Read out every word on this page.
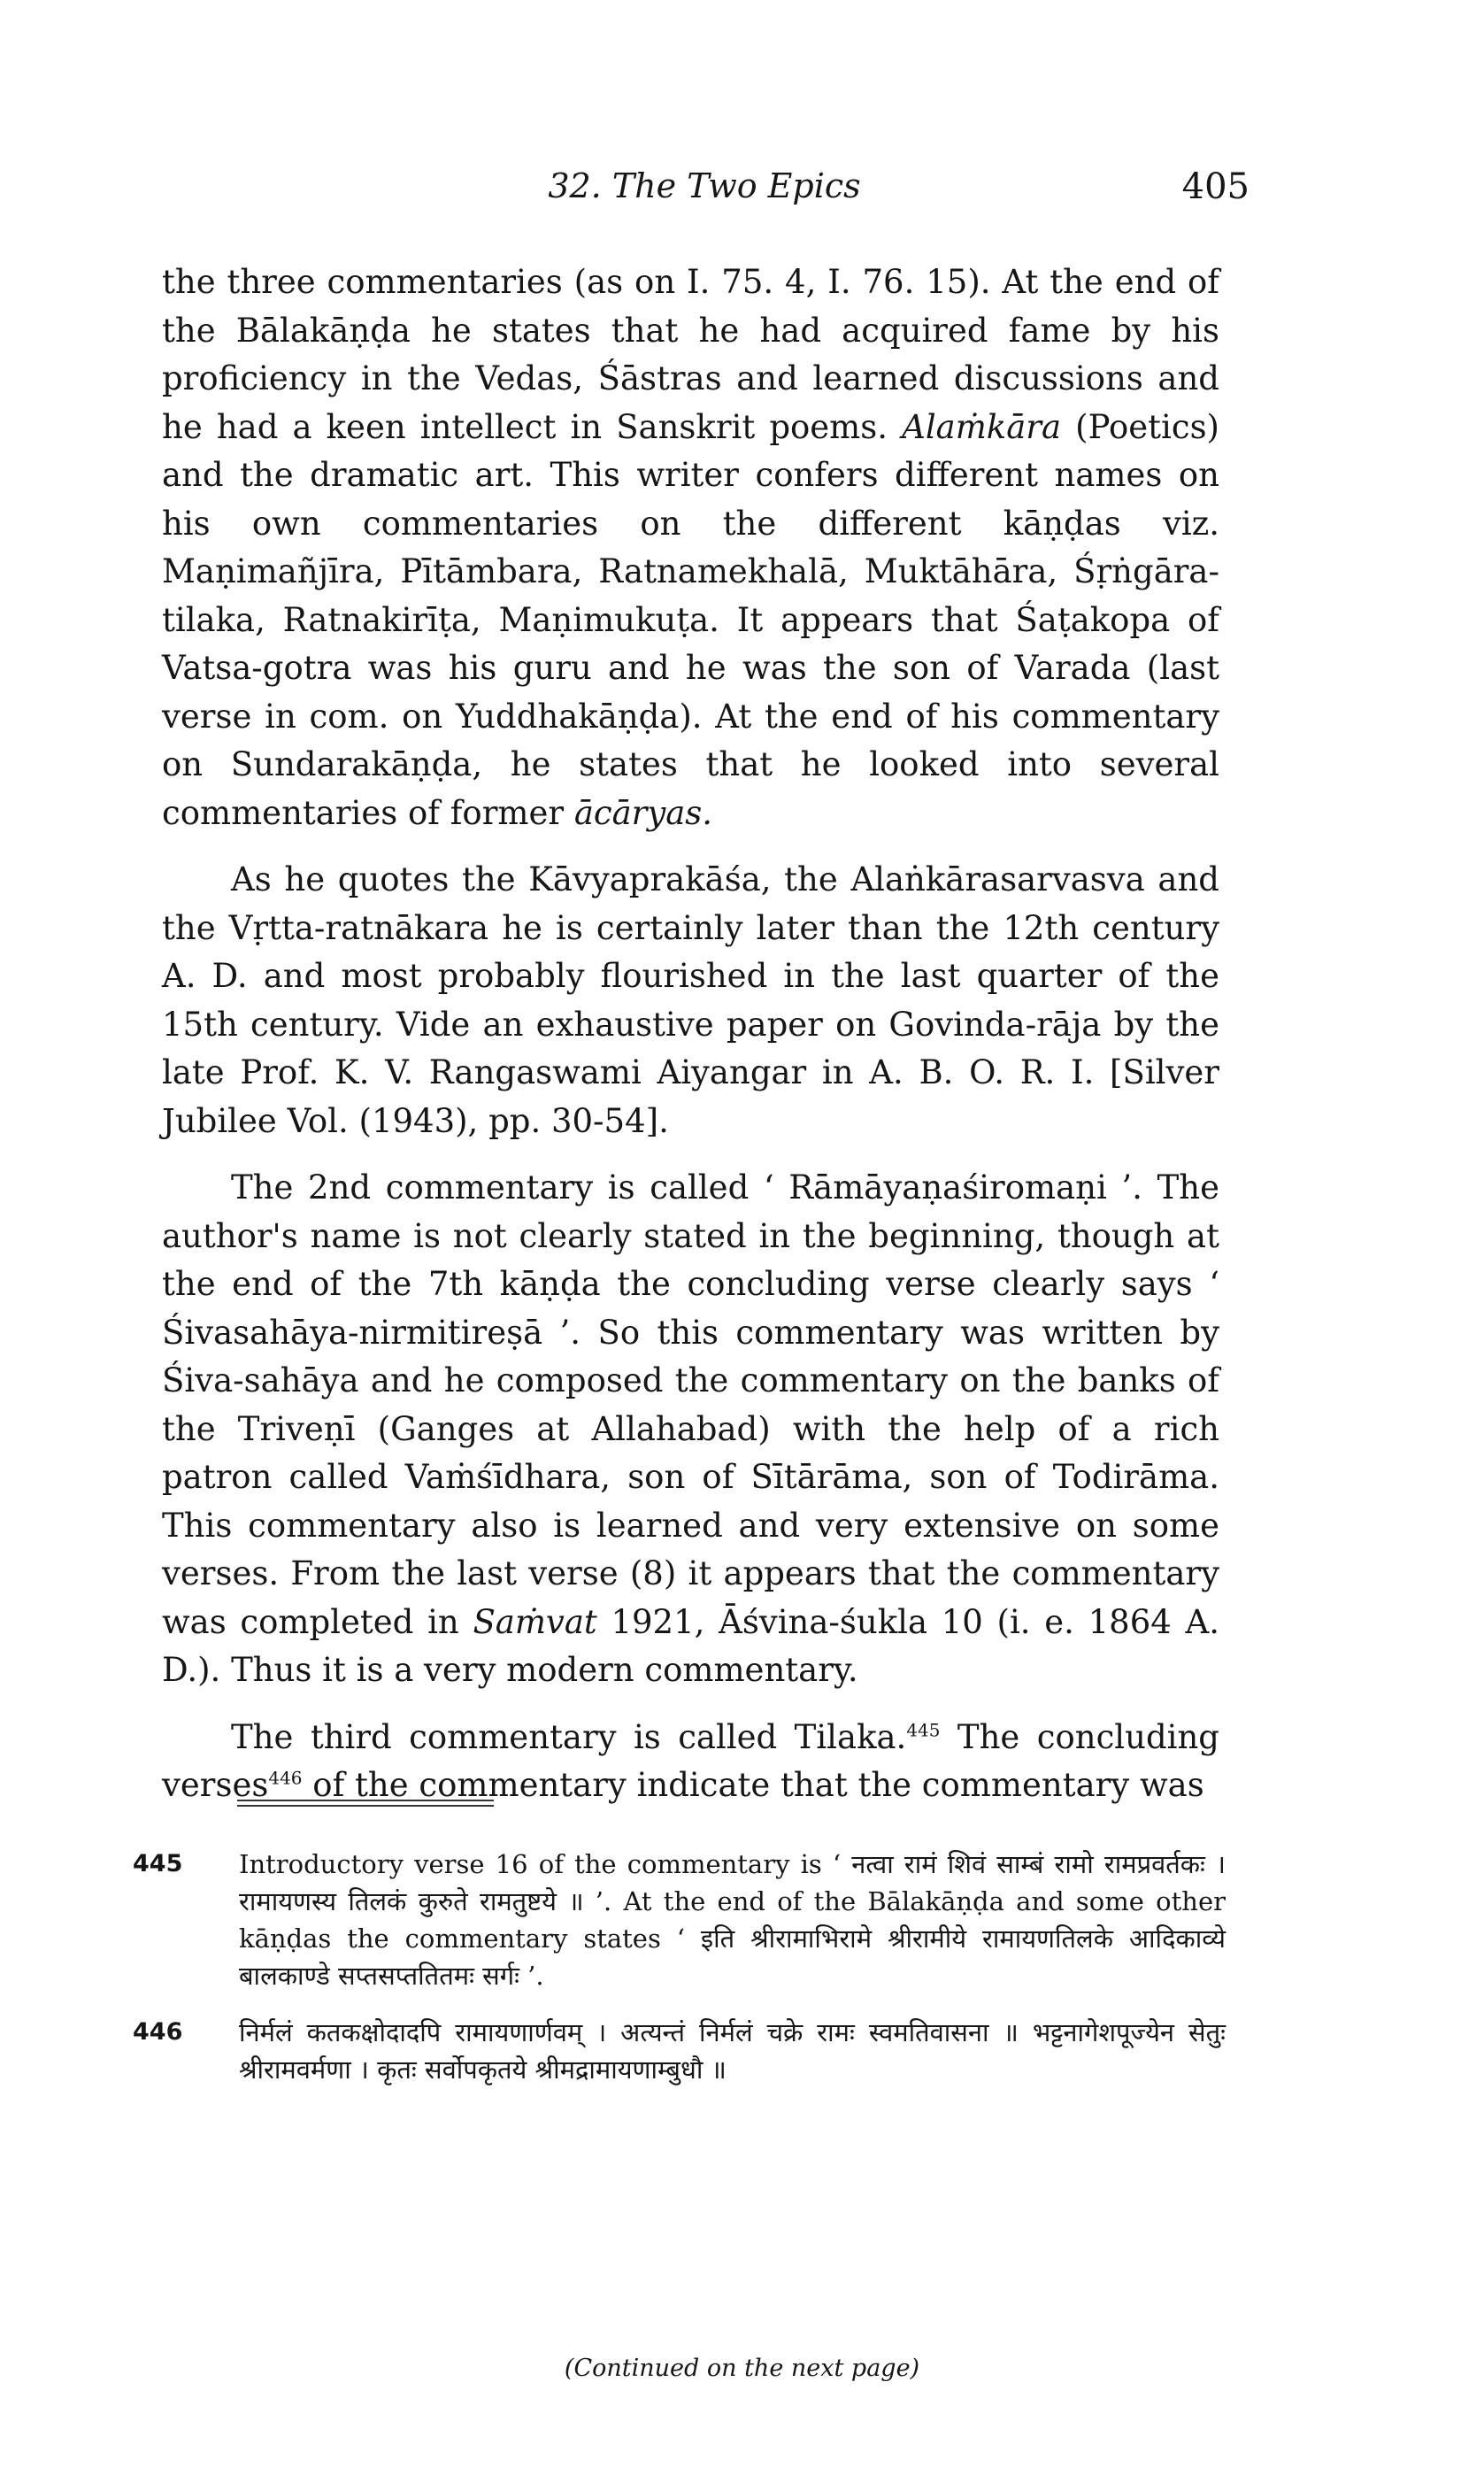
32. The Two Epics	405

the three commentaries (as on I. 75. 4, I. 76. 15). At the end of the Bālakāṇḍa he states that he had acquired fame by his proficiency in the Vedas, Śāstras and learned discussions and he had a keen intellect in Sanskrit poems. Alaṁkāra (Poetics) and the dramatic art. This writer confers different names on his own commentaries on the different kāṇḍas viz. Maṇimañjīra, Pītāmbara, Ratnamekhalā, Muktāhāra, Śṛṅgāra-tilaka, Ratnakirīṭa, Maṇimukuṭa. It appears that Śaṭakopa of Vatsa-gotra was his guru and he was the son of Varada (last verse in com. on Yuddhakāṇḍa). At the end of his commentary on Sundarakāṇḍa, he states that he looked into several commentaries of former ācāryas.

As he quotes the Kāvyaprakāśa, the Alaṅkārasarvasva and the Vṛtta-ratnākara he is certainly later than the 12th century A. D. and most probably flourished in the last quarter of the 15th century. Vide an exhaustive paper on Govinda-rāja by the late Prof. K. V. Rangaswami Aiyangar in A. B. O. R. I. [Silver Jubilee Vol. (1943), pp. 30-54].

The 2nd commentary is called ‘ Rāmāyaṇaśiromaṇi ’. The author's name is not clearly stated in the beginning, though at the end of the 7th kāṇḍa the concluding verse clearly says ‘ Śivasahāya-nirmitireṣā ’. So this commentary was written by Śiva-sahāya and he composed the commentary on the banks of the Triveṇī (Ganges at Allahabad) with the help of a rich patron called Vaṁśīdhara, son of Sītārāma, son of Todirāma. This commentary also is learned and very extensive on some verses. From the last verse (8) it appears that the commentary was completed in Saṁvat 1921, Āśvina-śukla 10 (i. e. 1864 A. D.). Thus it is a very modern commentary.

The third commentary is called Tilaka.$^{445}$ The concluding verses$^{446}$ of the commentary indicate that the commentary was

445	Introductory verse 16 of the commentary is ‘ नत्वा रामं शिवं साम्बं रामो रामप्रवर्तकः । रामायणस्य तिलकं कुरुते रामतुष्टये ॥ ’. At the end of the Bālakāṇḍa and some other kāṇḍas the commentary states ‘ इति श्रीरामाभिरामे श्रीरामीये रामायणतिलके आदिकाव्ये बालकाण्डे सप्तसप्ततितमः सर्गः ’.
446	निर्मलं कतकक्षोदादपि रामायणार्णवम् । अत्यन्तं निर्मलं चक्रे रामः स्वमतिवासना ॥ भट्टनागेशपूज्येन सेतुः श्रीरामवर्मणा । कृतः सर्वोपकृतये श्रीमद्रामायणाम्बुधौ ॥
(Continued on the next page)
